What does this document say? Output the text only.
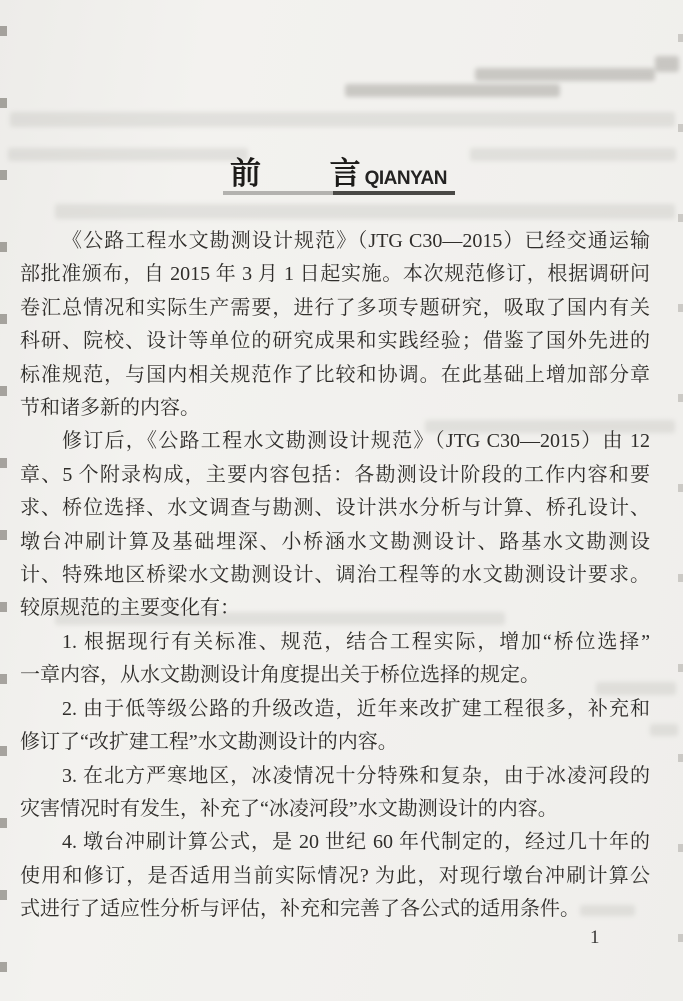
前 言 QIANYAN
《公路工程水文勘测设计规范》（JTG C30—2015）已经交通运输
部批准颁布，自 2015 年 3 月 1 日起实施。本次规范修订，根据调研问
卷汇总情况和实际生产需要，进行了多项专题研究，吸取了国内有关
科研、院校、设计等单位的研究成果和实践经验；借鉴了国外先进的
标准规范，与国内相关规范作了比较和协调。在此基础上增加部分章
节和诸多新的内容。
修订后，《公路工程水文勘测设计规范》（JTG C30—2015）由 12
章、5 个附录构成，主要内容包括：各勘测设计阶段的工作内容和要
求、桥位选择、水文调查与勘测、设计洪水分析与计算、桥孔设计、
墩台冲刷计算及基础埋深、小桥涵水文勘测设计、路基水文勘测设
计、特殊地区桥梁水文勘测设计、调治工程等的水文勘测设计要求。
较原规范的主要变化有：
1. 根据现行有关标准、规范，结合工程实际，增加“桥位选择”
一章内容，从水文勘测设计角度提出关于桥位选择的规定。
2. 由于低等级公路的升级改造，近年来改扩建工程很多，补充和
修订了“改扩建工程”水文勘测设计的内容。
3. 在北方严寒地区，冰凌情况十分特殊和复杂，由于冰凌河段的
灾害情况时有发生，补充了“冰凌河段”水文勘测设计的内容。
4. 墩台冲刷计算公式，是 20 世纪 60 年代制定的，经过几十年的
使用和修订，是否适用当前实际情况? 为此，对现行墩台冲刷计算公
式进行了适应性分析与评估，补充和完善了各公式的适用条件。
1
